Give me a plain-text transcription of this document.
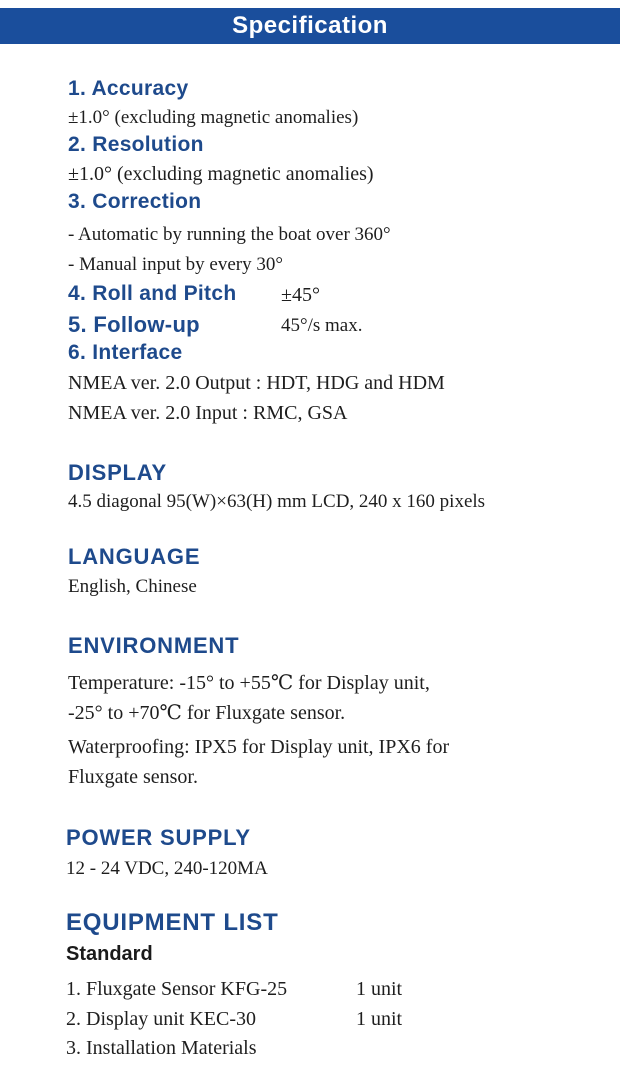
Specification
1. Accuracy
±1.0° (excluding magnetic anomalies)
2. Resolution
±1.0° (excluding magnetic anomalies)
3. Correction
- Automatic by running the boat over 360°
- Manual input by every 30°
4. Roll and Pitch ±45°
5. Follow-up	45°/s max.
6. Interface
NMEA ver. 2.0 Output : HDT, HDG and HDM
NMEA ver. 2.0 Input : RMC, GSA
DISPLAY
4.5 diagonal 95(W)×63(H) mm LCD, 240 x 160 pixels
LANGUAGE
English, Chinese
ENVIRONMENT
Temperature: -15° to +55℃ for Display unit,
-25° to +70℃ for Fluxgate sensor.
Waterproofing: IPX5 for Display unit, IPX6 for
Fluxgate sensor.
POWER SUPPLY
12 - 24 VDC, 240-120MA
EQUIPMENT LIST
Standard
1. Fluxgate Sensor KFG-25	1 unit
2. Display unit KEC-30	1 unit
3. Installation Materials
